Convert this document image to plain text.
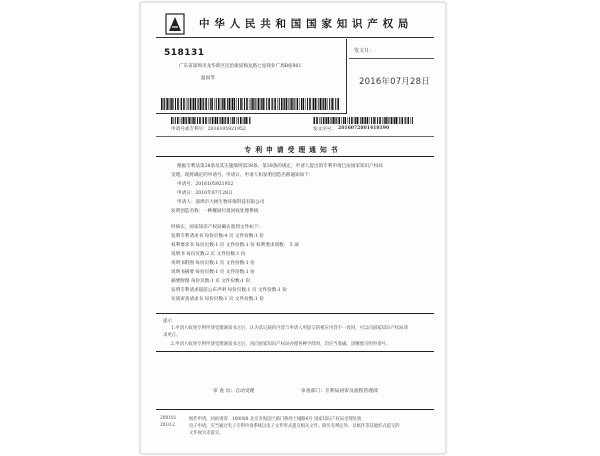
中华人民共和国国家知识产权局
518131
广东省深圳市龙华新区民治街道梅龙路七星商业广场B座801
温国琴
发文日：
2016年07月28日
申请号或专利号：2016105921952	发文序号： 2016072801418190
专利申请受理通知书
根据专利法第28条及其实施细则第38条、第39条的规定，申请人提出的专利申请已由国家知识产权局
受理。现将确定的申请号、申请日、申请人和发明创造名称通知如下：
申请号：2016105921952
申请日：2016年07月28日
申请人：深圳市大树生物环保科技有限公司
发明创造名称：一种餐厨垃圾回收处理系统
经核实，国家知识产权局确认收到文件如下：
发明专利请求书 每份页数:4 页 文件份数:1 份
权利要求书 每份页数:1 页 文件份数:1 份 权利要求项数： 5 项
说明书 每份页数:2 页 文件份数:1 份
说明书附图 每份页数:1 页 文件份数:1 份
说明书摘要 每份页数:1 页 文件份数:1 份
摘要附图 每份页数:1 页 文件份数:1 份
发明专利请求提前公布声明 每份页数:1 页 文件份数:1 份
实质审查请求书 每份页数:1 页 文件份数:1 份
提示：
1.申请人收到专利申请受理通知书之后，认为其记载的内容与申请人所提交的相应内容不一致时，可以向国家知识产权局请
求更正。
2.申请人收到专利申请受理通知书之后，再向国家知识产权局办理各种手续时，均应当准确、清晰地写明申请号。
审 查 员：自动受理	审查部门：专利局初审及流程管理部
200101
2010.2
纸件申请，回函请寄：100088 北京市海淀区蓟门桥西土城路6号 国家知识产权局受理处收
电子申请，应当通过电子专利申请系统以电子文件形式提交相关文件。除另有规定外，以纸件等其他形式提交的
文件视为未提交。
